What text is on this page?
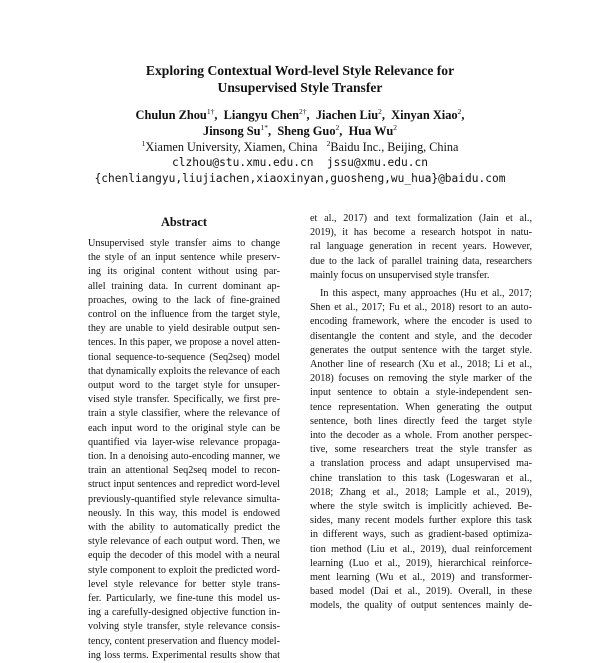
Exploring Contextual Word-level Style Relevance for
Unsupervised Style Transfer
Chulun Zhou$^{1\dagger}$,  Liangyu Chen$^{2\dagger}$,  Jiachen Liu$^2$,  Xinyan Xiao$^2$,
Jinsong $Su^{1*}$,  Sheng Guo$^2$,  Hua Wu$^2$
$^1$Xiamen University, Xiamen, China $^2$Baidu Inc., Beijing, China
clzhou@stu.xmu.edu.cn  jssu@xmu.edu.cn
{chenliangyu,liujiachen,xiaoxinyan,guosheng,wu_hua}@baidu.com
Abstract
Unsupervised style transfer aims to change
the style of an input sentence while preserv-
ing its original content without using par-
allel training data. In current dominant ap-
proaches, owing to the lack of fine-grained
control on the influence from the target style,
they are unable to yield desirable output sen-
tences. In this paper, we propose a novel atten-
tional sequence-to-sequence (Seq2seq) model
that dynamically exploits the relevance of each
output word to the target style for unsuper-
vised style transfer. Specifically, we first pre-
train a style classifier, where the relevance of
each input word to the original style can be
quantified via layer-wise relevance propaga-
tion. In a denoising auto-encoding manner, we
train an attentional Seq2seq model to recon-
struct input sentences and repredict word-level
previously-quantified style relevance simulta-
neously. In this way, this model is endowed
with the ability to automatically predict the
style relevance of each output word. Then, we
equip the decoder of this model with a neural
style component to exploit the predicted word-
level style relevance for better style trans-
fer. Particularly, we fine-tune this model us-
ing a carefully-designed objective function in-
volving style transfer, style relevance consis-
tency, content preservation and fluency model-
ing loss terms. Experimental results show that
et al., 2017) and text formalization (Jain et al.,
2019), it has become a research hotspot in natu-
ral language generation in recent years. However,
due to the lack of parallel training data, researchers
mainly focus on unsupervised style transfer.
In this aspect, many approaches (Hu et al., 2017;
Shen et al., 2017; Fu et al., 2018) resort to an auto-
encoding framework, where the encoder is used to
disentangle the content and style, and the decoder
generates the output sentence with the target style.
Another line of research (Xu et al., 2018; Li et al.,
2018) focuses on removing the style marker of the
input sentence to obtain a style-independent sen-
tence representation. When generating the output
sentence, both lines directly feed the target style
into the decoder as a whole. From another perspec-
tive, some researchers treat the style transfer as
a translation process and adapt unsupervised ma-
chine translation to this task (Logeswaran et al.,
2018; Zhang et al., 2018; Lample et al., 2019),
where the style switch is implicitly achieved. Be-
sides, many recent models further explore this task
in different ways, such as gradient-based optimiza-
tion method (Liu et al., 2019), dual reinforcement
learning (Luo et al., 2019), hierarchical reinforce-
ment learning (Wu et al., 2019) and transformer-
based model (Dai et al., 2019). Overall, in these
models, the quality of output sentences mainly de-
